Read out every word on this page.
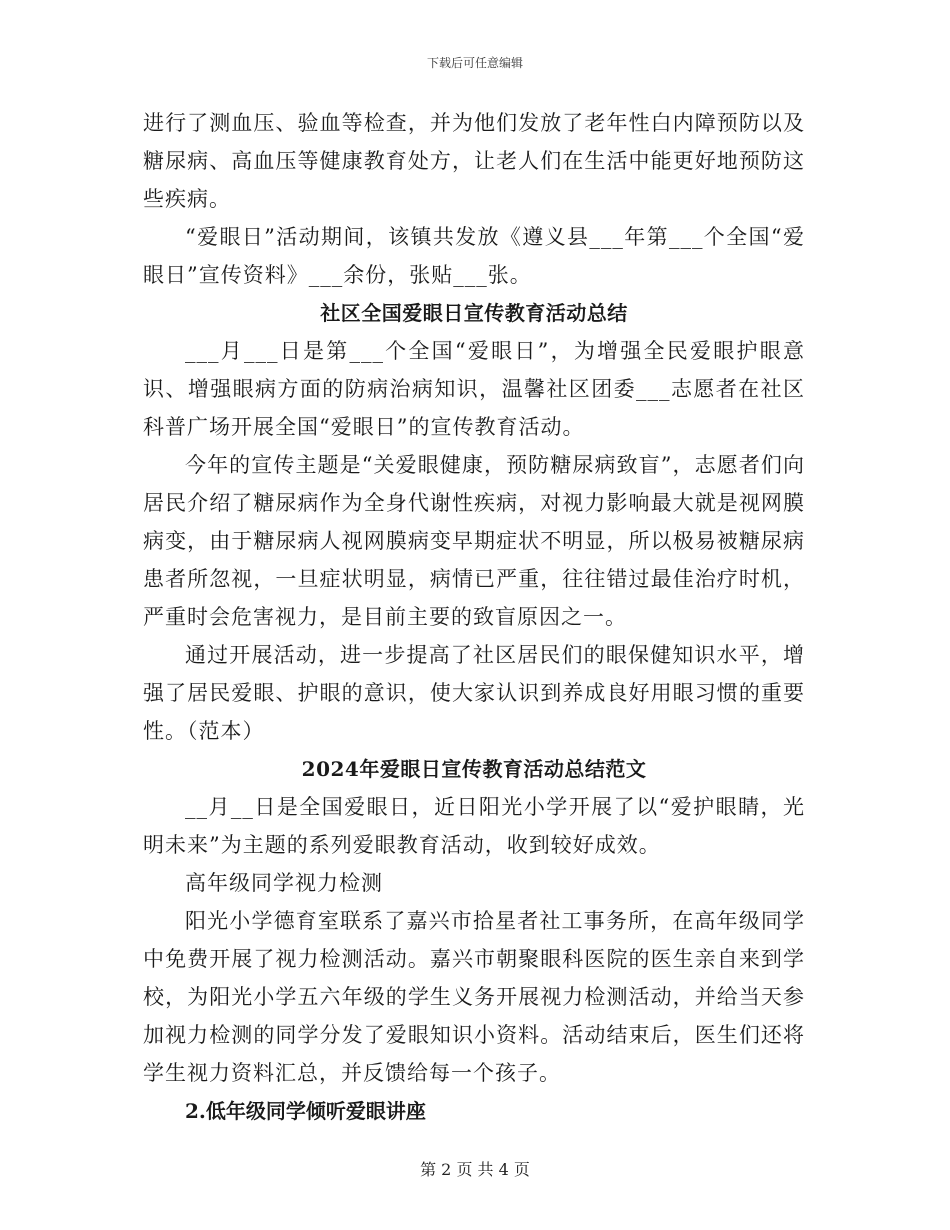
下载后可任意编辑

进行了测血压、验血等检查，并为他们发放了老年性白内障预防以及糖尿病、高血压等健康教育处方，让老人们在生活中能更好地预防这些疾病。

“爱眼日”活动期间，该镇共发放《遵义县___年第___个全国“爱眼日”宣传资料》___余份，张贴___张。

社区全国爱眼日宣传教育活动总结

___月___日是第___个全国“爱眼日”，为增强全民爱眼护眼意识、增强眼病方面的防病治病知识，温馨社区团委___志愿者在社区科普广场开展全国“爱眼日”的宣传教育活动。

今年的宣传主题是“关爱眼健康，预防糖尿病致盲”，志愿者们向居民介绍了糖尿病作为全身代谢性疾病，对视力影响最大就是视网膜病变，由于糖尿病人视网膜病变早期症状不明显，所以极易被糖尿病患者所忽视，一旦症状明显，病情已严重，往往错过最佳治疗时机，严重时会危害视力，是目前主要的致盲原因之一。

通过开展活动，进一步提高了社区居民们的眼保健知识水平，增强了居民爱眼、护眼的意识，使大家认识到养成良好用眼习惯的重要性。（范本）

2024年爱眼日宣传教育活动总结范文

__月__日是全国爱眼日，近日阳光小学开展了以“爱护眼睛，光明未来”为主题的系列爱眼教育活动，收到较好成效。

高年级同学视力检测

阳光小学德育室联系了嘉兴市拾星者社工事务所，在高年级同学中免费开展了视力检测活动。嘉兴市朝聚眼科医院的医生亲自来到学校，为阳光小学五六年级的学生义务开展视力检测活动，并给当天参加视力检测的同学分发了爱眼知识小资料。活动结束后，医生们还将学生视力资料汇总，并反馈给每一个孩子。

2.低年级同学倾听爱眼讲座

第 2 页 共 4 页
